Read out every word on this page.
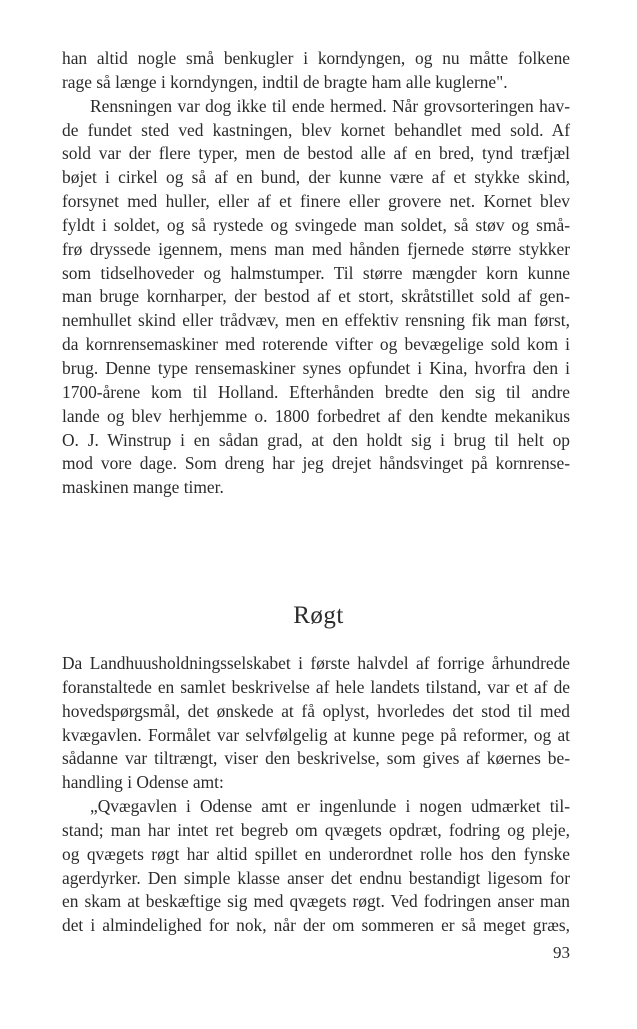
han altid nogle små benkugler i korndyngen, og nu måtte folkene
rage så længe i korndyngen, indtil de bragte ham alle kuglerne".
Rensningen var dog ikke til ende hermed. Når grovsorteringen hav-
de fundet sted ved kastningen, blev kornet behandlet med sold. Af
sold var der flere typer, men de bestod alle af en bred, tynd træfjæl
bøjet i cirkel og så af en bund, der kunne være af et stykke skind,
forsynet med huller, eller af et finere eller grovere net. Kornet blev
fyldt i soldet, og så rystede og svingede man soldet, så støv og små-
frø dryssede igennem, mens man med hånden fjernede større stykker
som tidselhoveder og halmstumper. Til større mængder korn kunne
man bruge kornharper, der bestod af et stort, skråtstillet sold af gen-
nemhullet skind eller trådvæv, men en effektiv rensning fik man først,
da kornrensemaskiner med roterende vifter og bevægelige sold kom i
brug. Denne type rensemaskiner synes opfundet i Kina, hvorfra den i
1700-årene kom til Holland. Efterhånden bredte den sig til andre
lande og blev herhjemme o. 1800 forbedret af den kendte mekanikus
O. J. Winstrup i en sådan grad, at den holdt sig i brug til helt op
mod vore dage. Som dreng har jeg drejet håndsvinget på kornrense-
maskinen mange timer.
Røgt
Da Landhuusholdningsselskabet i første halvdel af forrige århundrede
foranstaltede en samlet beskrivelse af hele landets tilstand, var et af de
hovedspørgsmål, det ønskede at få oplyst, hvorledes det stod til med
kvægavlen. Formålet var selvfølgelig at kunne pege på reformer, og at
sådanne var tiltrængt, viser den beskrivelse, som gives af køernes be-
handling i Odense amt:
„Qvægavlen i Odense amt er ingenlunde i nogen udmærket til-
stand; man har intet ret begreb om qvægets opdræt, fodring og pleje,
og qvægets røgt har altid spillet en underordnet rolle hos den fynske
agerdyrker. Den simple klasse anser det endnu bestandigt ligesom for
en skam at beskæftige sig med qvægets røgt. Ved fodringen anser man
det i almindelighed for nok, når der om sommeren er så meget græs,
93
